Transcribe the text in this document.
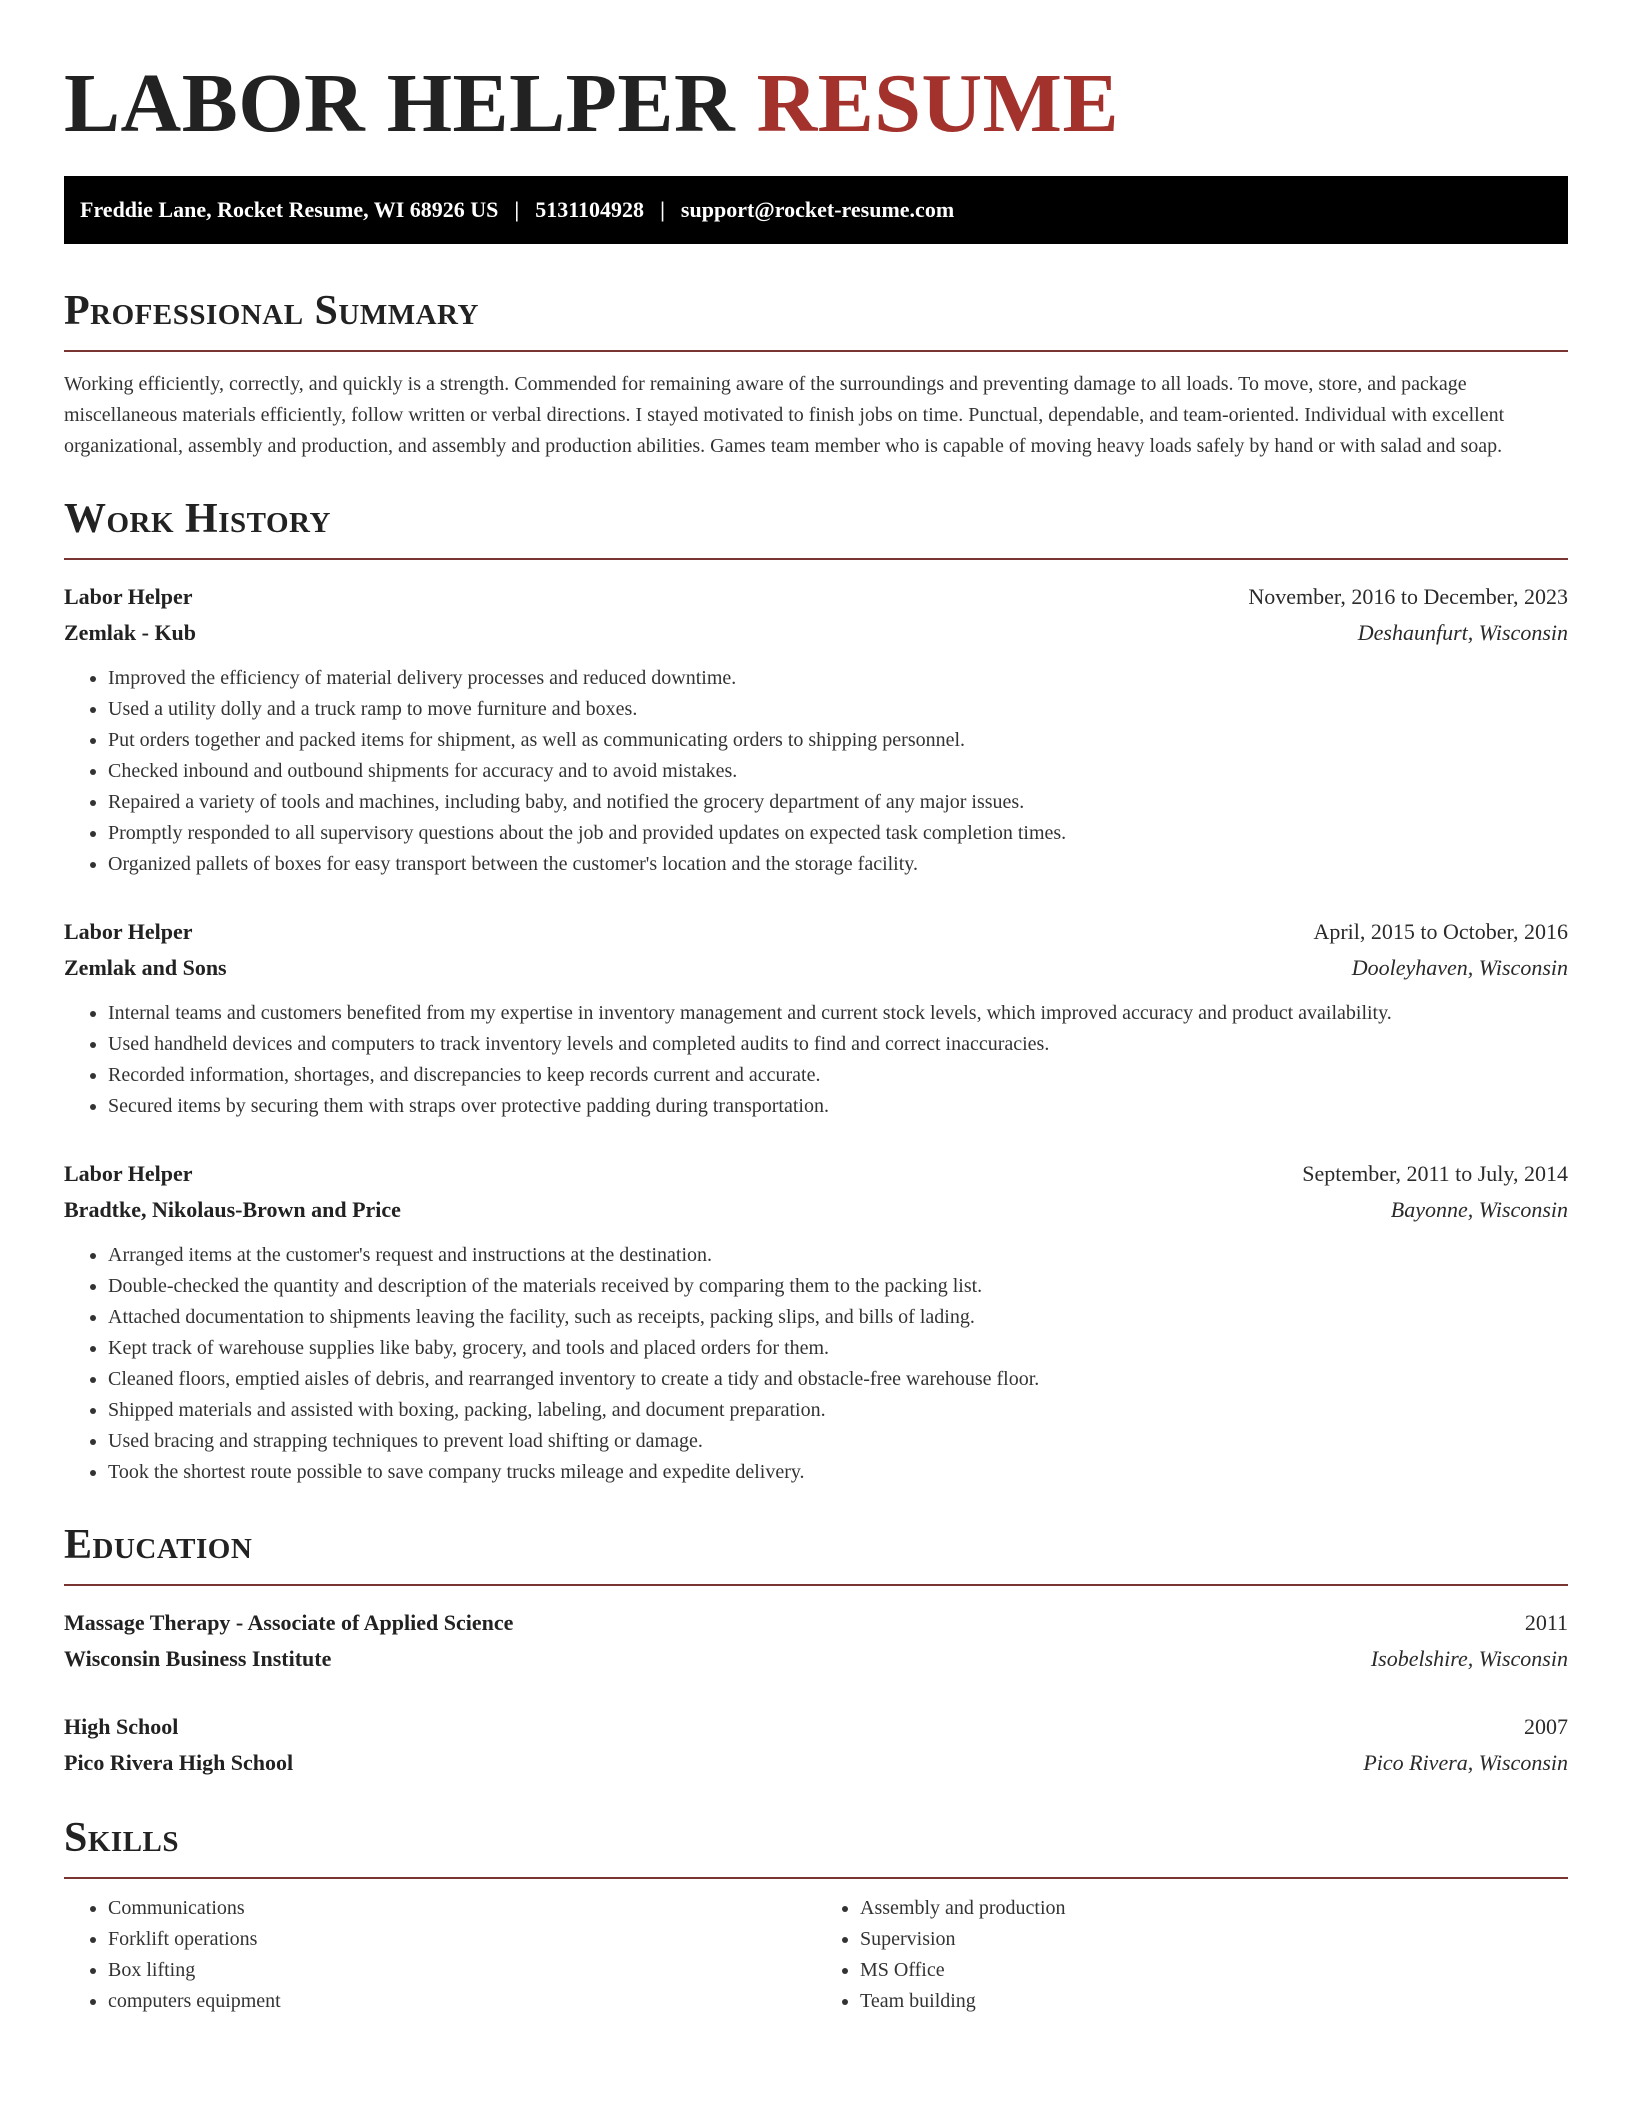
LABOR HELPER RESUME
Freddie Lane, Rocket Resume, WI 68926 US | 5131104928 | support@rocket-resume.com
Professional Summary

Working efficiently, correctly, and quickly is a strength. Commended for remaining aware of the surroundings and preventing damage to all loads. To move, store, and package miscellaneous materials efficiently, follow written or verbal directions. I stayed motivated to finish jobs on time. Punctual, dependable, and team-oriented. Individual with excellent organizational, assembly and production, and assembly and production abilities. Games team member who is capable of moving heavy loads safely by hand or with salad and soap.

Work History
Labor Helper	November, 2016 to December, 2023
Zemlak - Kub	Deshaunfurt, Wisconsin
• Improved the efficiency of material delivery processes and reduced downtime.
• Used a utility dolly and a truck ramp to move furniture and boxes.
• Put orders together and packed items for shipment, as well as communicating orders to shipping personnel.
• Checked inbound and outbound shipments for accuracy and to avoid mistakes.
• Repaired a variety of tools and machines, including baby, and notified the grocery department of any major issues.
• Promptly responded to all supervisory questions about the job and provided updates on expected task completion times.
• Organized pallets of boxes for easy transport between the customer's location and the storage facility.
Labor Helper	April, 2015 to October, 2016
Zemlak and Sons	Dooleyhaven, Wisconsin
• Internal teams and customers benefited from my expertise in inventory management and current stock levels, which improved accuracy and product availability.
• Used handheld devices and computers to track inventory levels and completed audits to find and correct inaccuracies.
• Recorded information, shortages, and discrepancies to keep records current and accurate.
• Secured items by securing them with straps over protective padding during transportation.
Labor Helper	September, 2011 to July, 2014
Bradtke, Nikolaus-Brown and Price	Bayonne, Wisconsin
• Arranged items at the customer's request and instructions at the destination.
• Double-checked the quantity and description of the materials received by comparing them to the packing list.
• Attached documentation to shipments leaving the facility, such as receipts, packing slips, and bills of lading.
• Kept track of warehouse supplies like baby, grocery, and tools and placed orders for them.
• Cleaned floors, emptied aisles of debris, and rearranged inventory to create a tidy and obstacle-free warehouse floor.
• Shipped materials and assisted with boxing, packing, labeling, and document preparation.
• Used bracing and strapping techniques to prevent load shifting or damage.
• Took the shortest route possible to save company trucks mileage and expedite delivery.
Education
Massage Therapy - Associate of Applied Science	2011
Wisconsin Business Institute	Isobelshire, Wisconsin
High School	2007
Pico Rivera High School	Pico Rivera, Wisconsin
Skills
• Communications
• Forklift operations
• Box lifting
• computers equipment
• Assembly and production
• Supervision
• MS Office
• Team building
